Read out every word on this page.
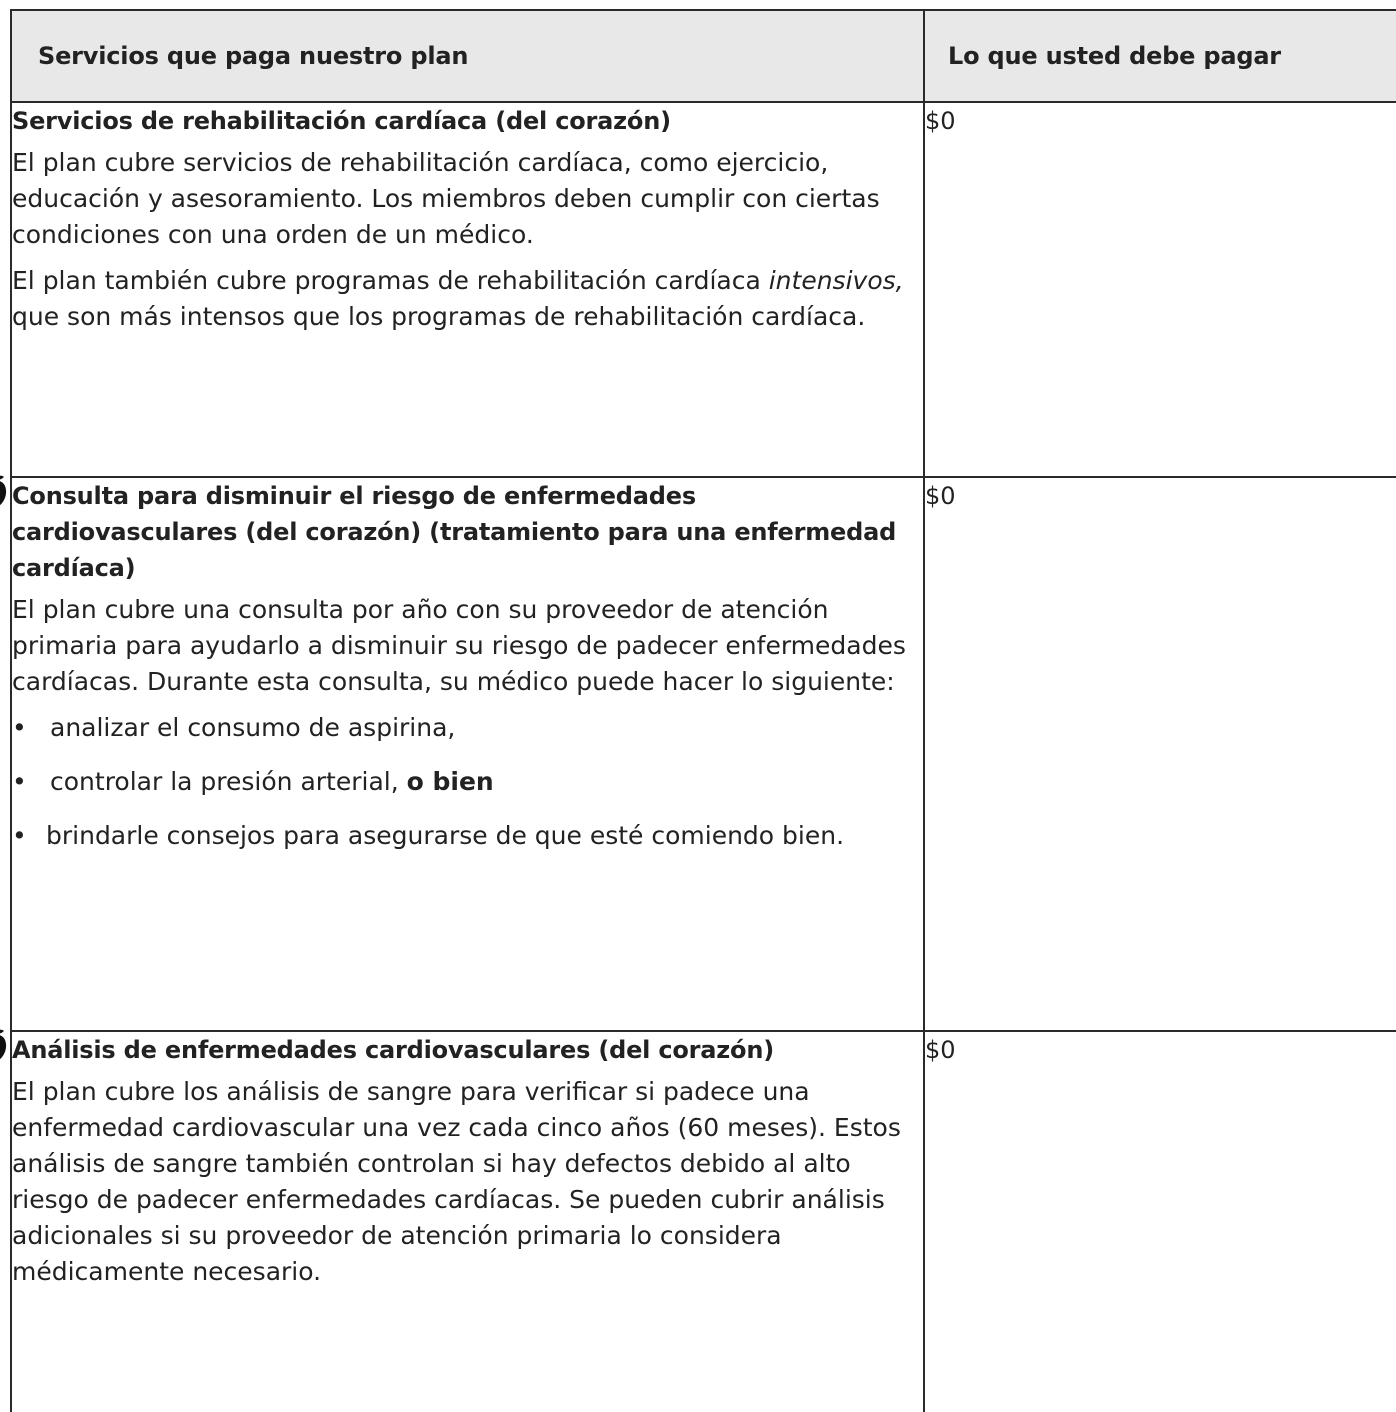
Servicios que paga nuestro plan	Lo que usted debe pagar

Servicios de rehabilitación cardíaca (del corazón)

El plan cubre servicios de rehabilitación cardíaca, como ejercicio, educación y asesoramiento. Los miembros deben cumplir con ciertas condiciones con una orden de un médico.

El plan también cubre programas de rehabilitación cardíaca intensivos, que son más intensos que los programas de rehabilitación cardíaca.	$0

Consulta para disminuir el riesgo de enfermedades cardiovasculares (del corazón) (tratamiento para una enfermedad cardíaca)

El plan cubre una consulta por año con su proveedor de atención primaria para ayudarlo a disminuir su riesgo de padecer enfermedades cardíacas. Durante esta consulta, su médico puede hacer lo siguiente:

• analizar el consumo de aspirina,
• controlar la presión arterial, o bien
• brindarle consejos para asegurarse de que esté comiendo bien.	$0

Análisis de enfermedades cardiovasculares (del corazón)

El plan cubre los análisis de sangre para verificar si padece una enfermedad cardiovascular una vez cada cinco años (60 meses). Estos análisis de sangre también controlan si hay defectos debido al alto riesgo de padecer enfermedades cardíacas. Se pueden cubrir análisis adicionales si su proveedor de atención primaria lo considera médicamente necesario.	$0
